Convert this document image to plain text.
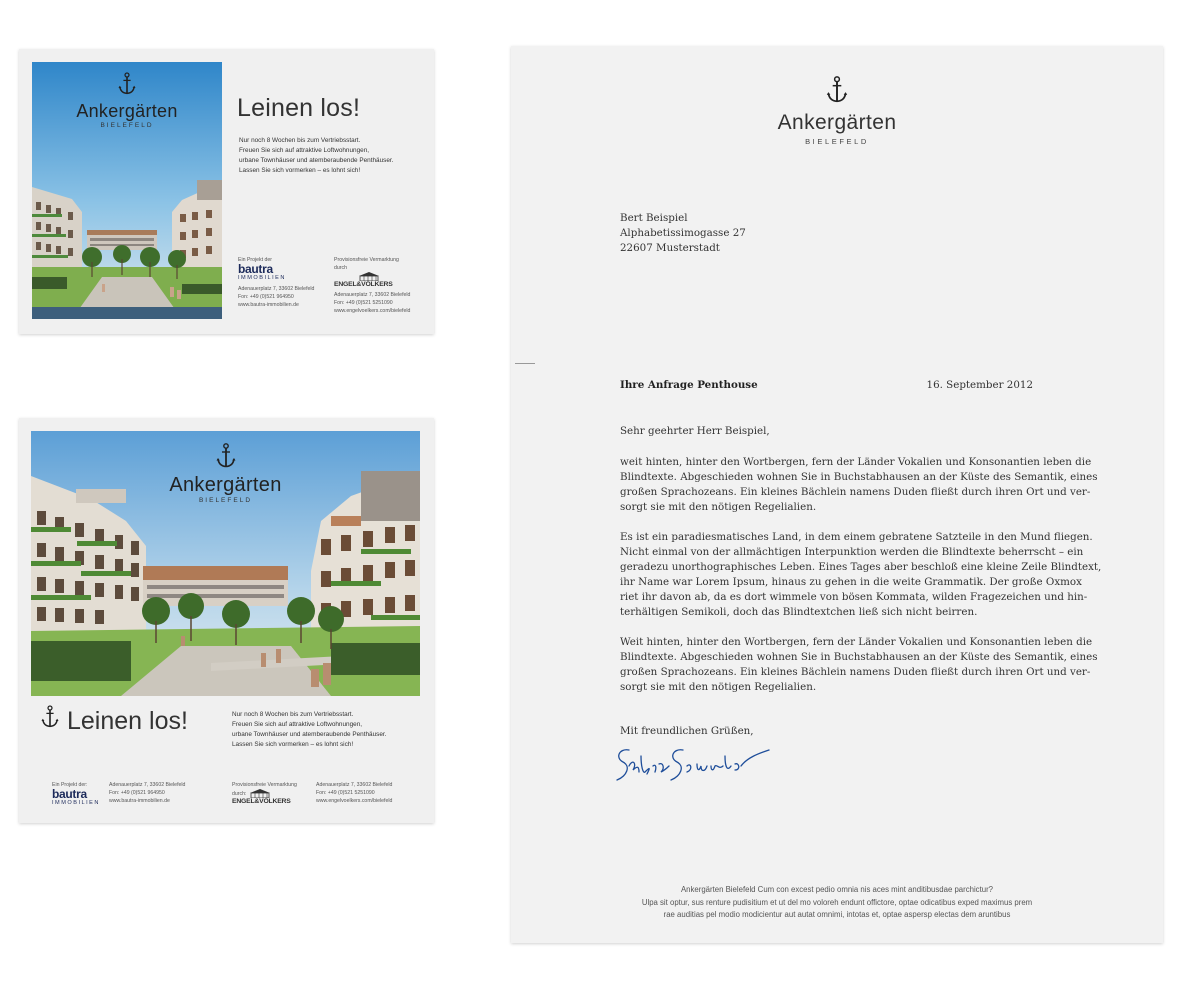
Ankergärten
BIELEFELD
Leinen los!
Nur noch 8 Wochen bis zum Vertriebsstart.
Freuen Sie sich auf attraktive Loftwohnungen,
urbane Townhäuser und atemberaubende Penthäuser.
Lassen Sie sich vormerken – es lohnt sich!
Ein Projekt der
bautra
IMMOBILIEN
Adenauerplatz 7, 33602 Bielefeld
Fon: +49 (0)521 964950
www.bautra-immobilien.de
Provisionsfreie Vermarktung
durch
ENGEL&VÖLKERS
Adenauerplatz 7, 33602 Bielefeld
Fon: +49 (0)521 5251090
www.engelvoelkers.com/bielefeld
Ankergärten
BIELEFELD
Leinen los!	Nur noch 8 Wochen bis zum Vertriebsstart.
Freuen Sie sich auf attraktive Loftwohnungen,
urbane Townhäuser und atemberaubende Penthäuser.
Lassen Sie sich vormerken – es lohnt sich!
Ein Projekt der:
bautra
IMMOBILIEN
Adenauerplatz 7, 33602 Bielefeld
Fon: +49 (0)521 964950
www.bautra-immobilien.de
Provisionsfreie Vermarktung
durch:
ENGEL&VÖLKERS
Adenauerplatz 7, 33602 Bielefeld
Fon: +49 (0)521 5251090
www.engelvoelkers.com/bielefeld
Ankergärten
BIELEFELD
Bert Beispiel
Alphabetissimogasse 27
22607 Musterstadt
Ihre Anfrage Penthouse	16. September 2012
Sehr geehrter Herr Beispiel,
weit hinten, hinter den Wortbergen, fern der Länder Vokalien und Konsonantien leben die
Blindtexte. Abgeschieden wohnen Sie in Buchstabhausen an der Küste des Semantik, eines
großen Sprachozeans. Ein kleines Bächlein namens Duden fließt durch ihren Ort und ver-
sorgt sie mit den nötigen Regelialien.
Es ist ein paradiesmatisches Land, in dem einem gebratene Satzteile in den Mund fliegen.
Nicht einmal von der allmächtigen Interpunktion werden die Blindtexte beherrscht – ein
geradezu unorthographisches Leben. Eines Tages aber beschloß eine kleine Zeile Blindtext,
ihr Name war Lorem Ipsum, hinaus zu gehen in die weite Grammatik. Der große Oxmox
riet ihr davon ab, da es dort wimmele von bösen Kommata, wilden Fragezeichen und hin-
terhältigen Semikoli, doch das Blindtextchen ließ sich nicht beirren.
Weit hinten, hinter den Wortbergen, fern der Länder Vokalien und Konsonantien leben die
Blindtexte. Abgeschieden wohnen Sie in Buchstabhausen an der Küste des Semantik, eines
großen Sprachozeans. Ein kleines Bächlein namens Duden fließt durch ihren Ort und ver-
sorgt sie mit den nötigen Regelialien.
Mit freundlichen Grüßen,
Ankergärten Bielefeld Cum con excest pedio omnia nis aces mint anditibusdae parchictur?
Ulpa sit optur, sus renture pudisitium et ut del mo voloreh endunt offictore, optae odicatibus exped maximus prem
rae auditias pel modio modicientur aut autat omnimi, intotas et, optae aspersp electas dem aruntibus
